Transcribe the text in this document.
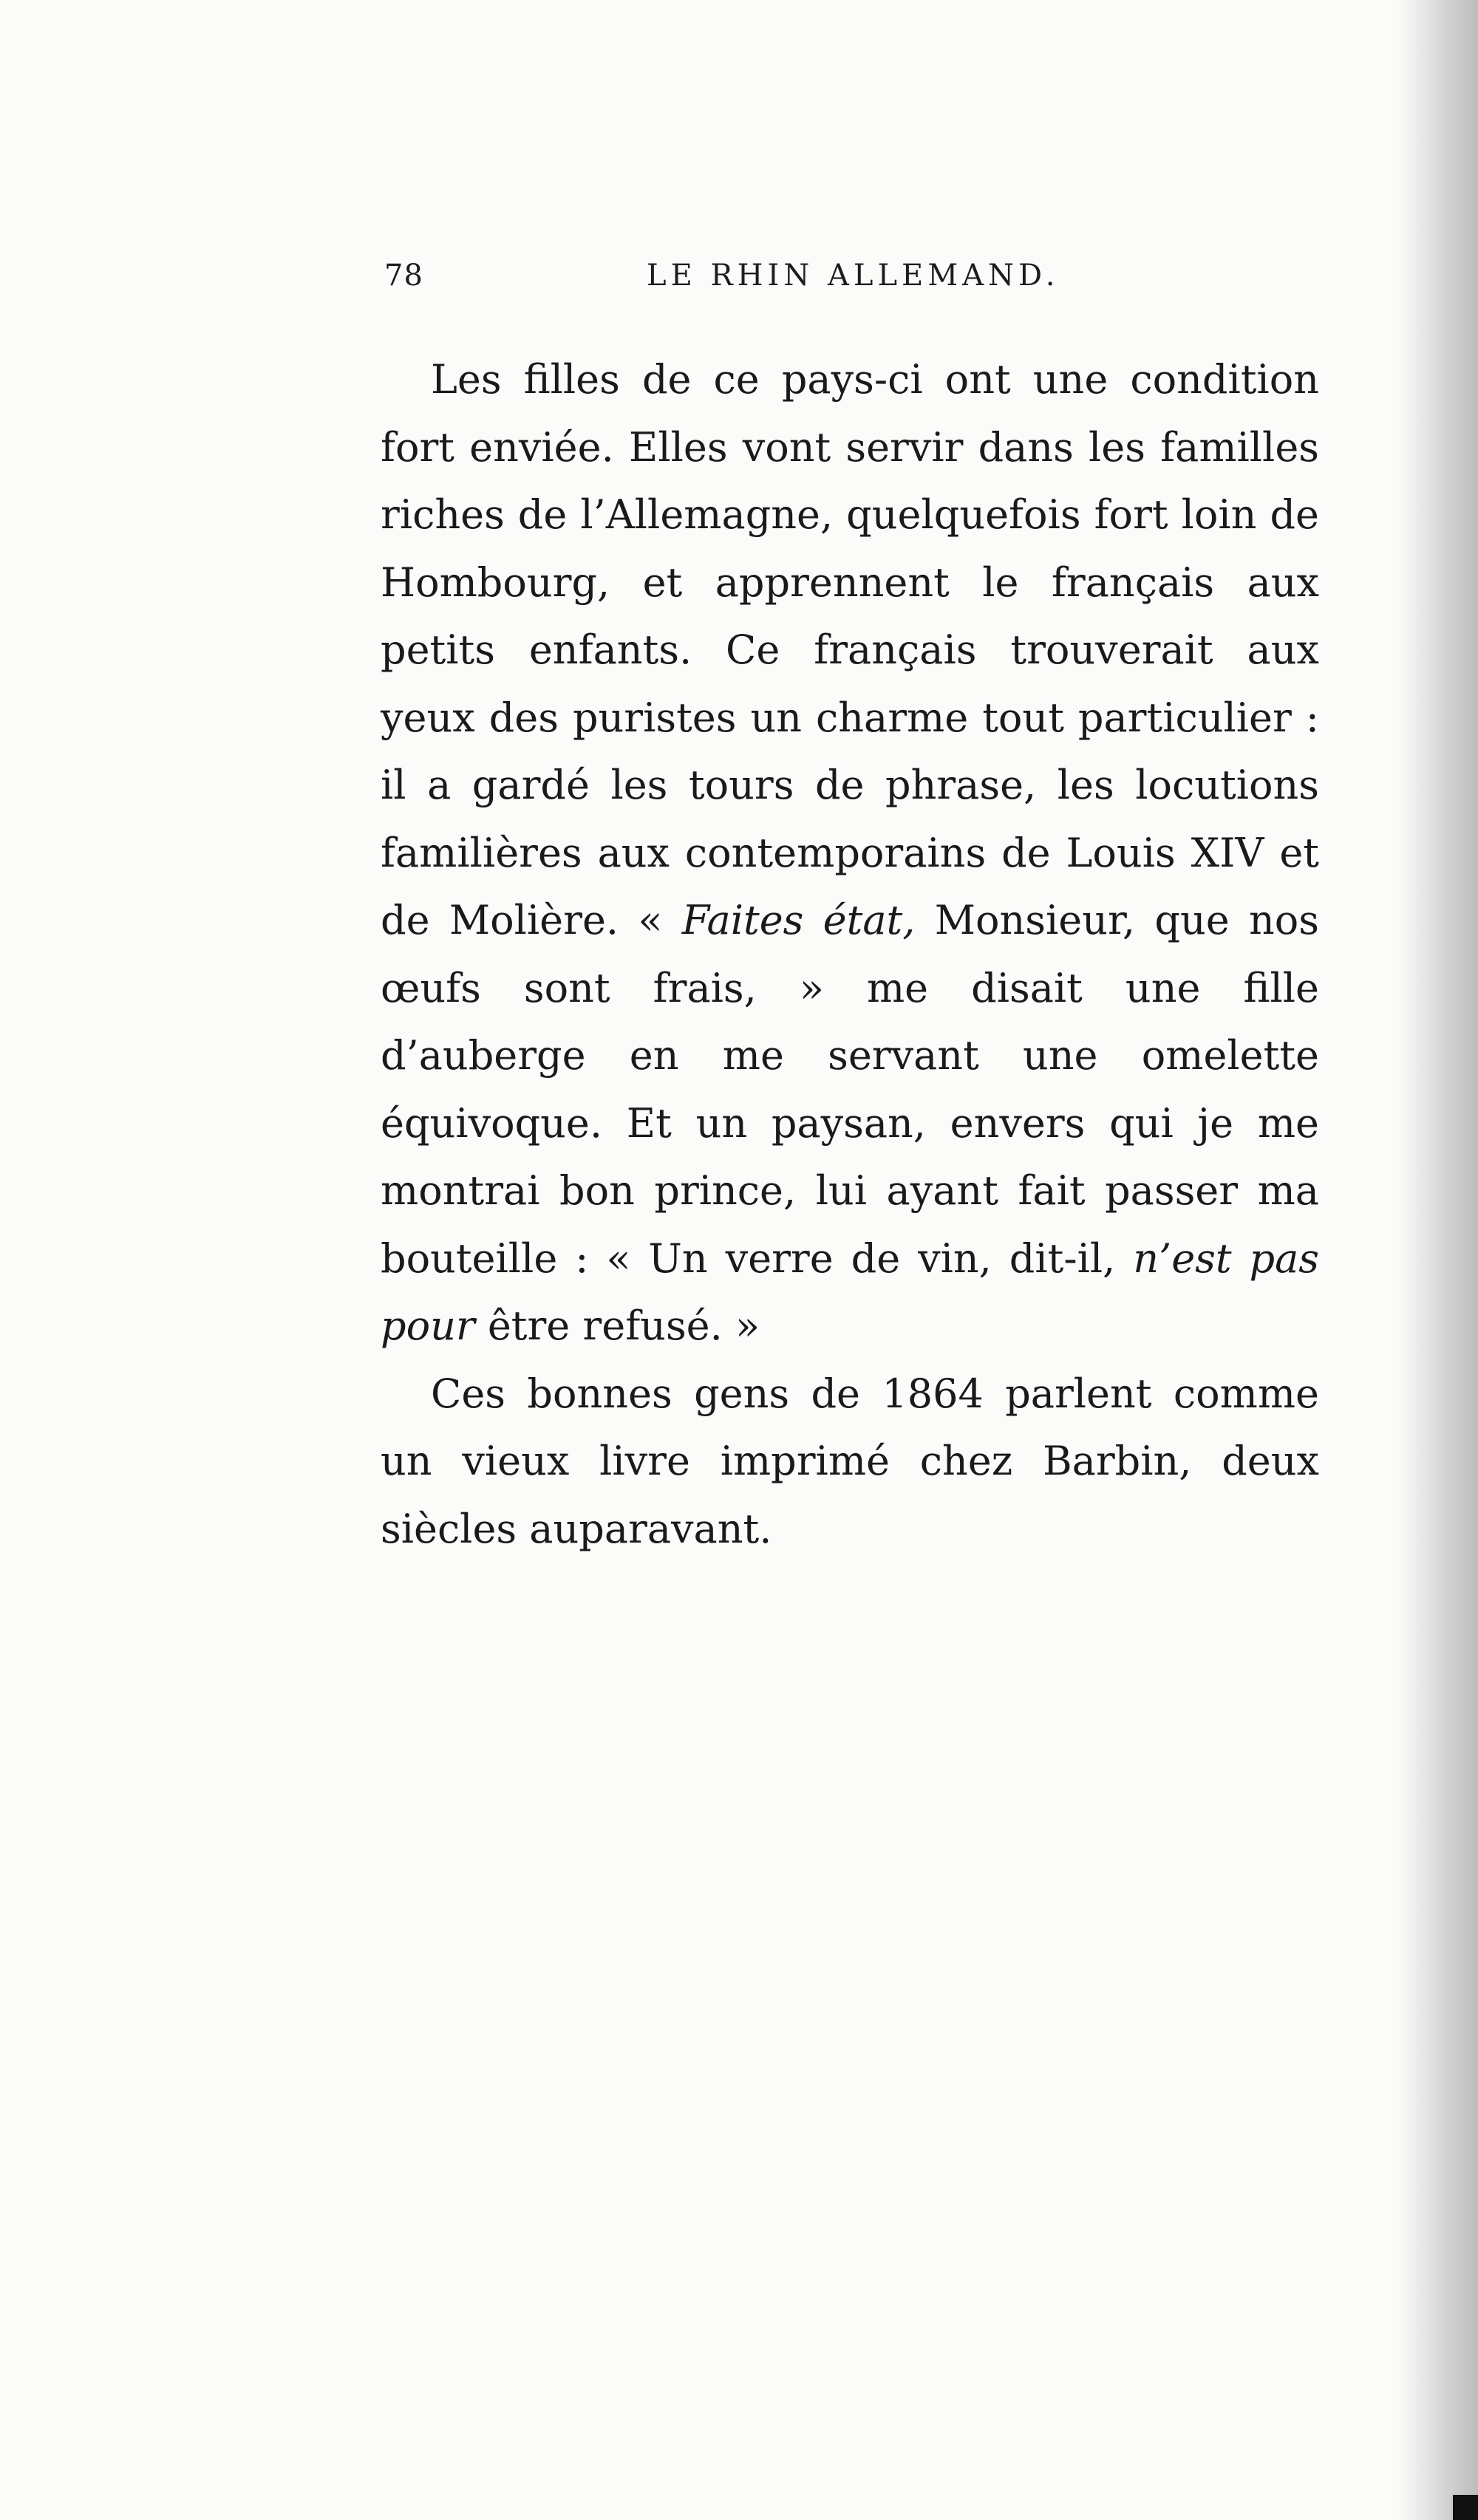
78	LE RHIN ALLEMAND.

Les filles de ce pays-ci ont une condition fort enviée. Elles vont servir dans les familles riches de l’Allemagne, quelquefois fort loin de Hombourg, et apprennent le français aux petits enfants. Ce français trouverait aux yeux des puristes un charme tout particulier : il a gardé les tours de phrase, les locutions familières aux contemporains de Louis XIV et de Molière. « Faites état, Monsieur, que nos œufs sont frais, » me disait une fille d’auberge en me servant une omelette équivoque. Et un paysan, envers qui je me montrai bon prince, lui ayant fait passer ma bouteille : « Un verre de vin, dit-il, n’est pas pour être refusé. »

Ces bonnes gens de 1864 parlent comme un vieux livre imprimé chez Barbin, deux siècles auparavant.
